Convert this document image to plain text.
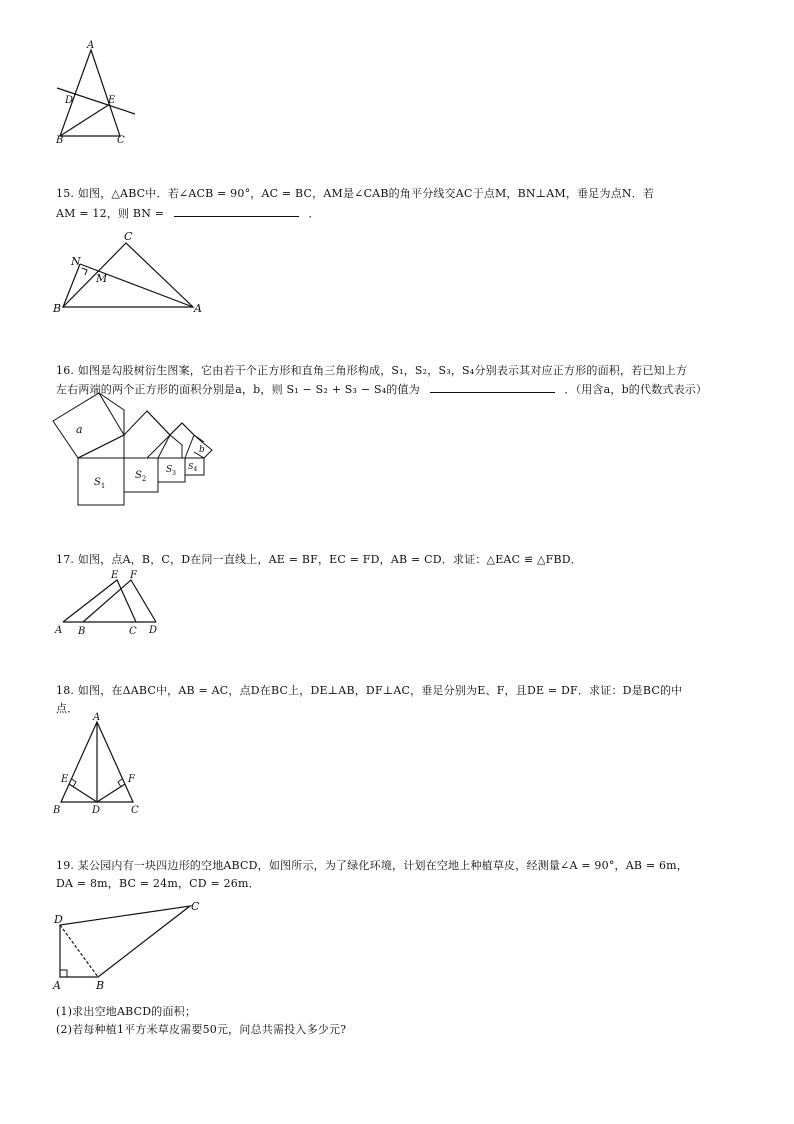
A
D	E
B	C
15. 如图，△ABC中．若∠ACB = 90°，AC = BC，AM是∠CAB的角平分线交AC于点M，BN⊥AM，垂足为点N．若
AM = 12，则 BN =	．
C
N
M
B	A
16. 如图是勾股树衍生图案，它由若干个正方形和直角三角形构成，S₁，S₂，S₃，S₄分别表示其对应正方形的面积，若已知上方
左右两端的两个正方形的面积分别是a，b，则 S₁ − S₂ + S₃ − S₄的值为	．（用含a，b的代数式表示）
a
b
$S_1$
$S_2$
$S_3$
$S_4$
17. 如图，点A，B，C，D在同一直线上，AE = BF，EC = FD，AB = CD．求证：△EAC ≌ △FBD．
E F
A B	C D
18. 如图，在ΔABC中，AB = AC，点D在BC上，DE⊥AB，DF⊥AC，垂足分别为E、F，且DE = DF．求证：D是BC的中
点．
A
E	F
B	D	C
19. 某公园内有一块四边形的空地ABCD，如图所示，为了绿化环境，计划在空地上种植草皮，经测量∠A = 90°，AB = 6m，
DA = 8m，BC = 24m，CD = 26m．
D
C
A	B
(1)求出空地ABCD的面积；
(2)若每种植1平方米草皮需要50元，问总共需投入多少元?
